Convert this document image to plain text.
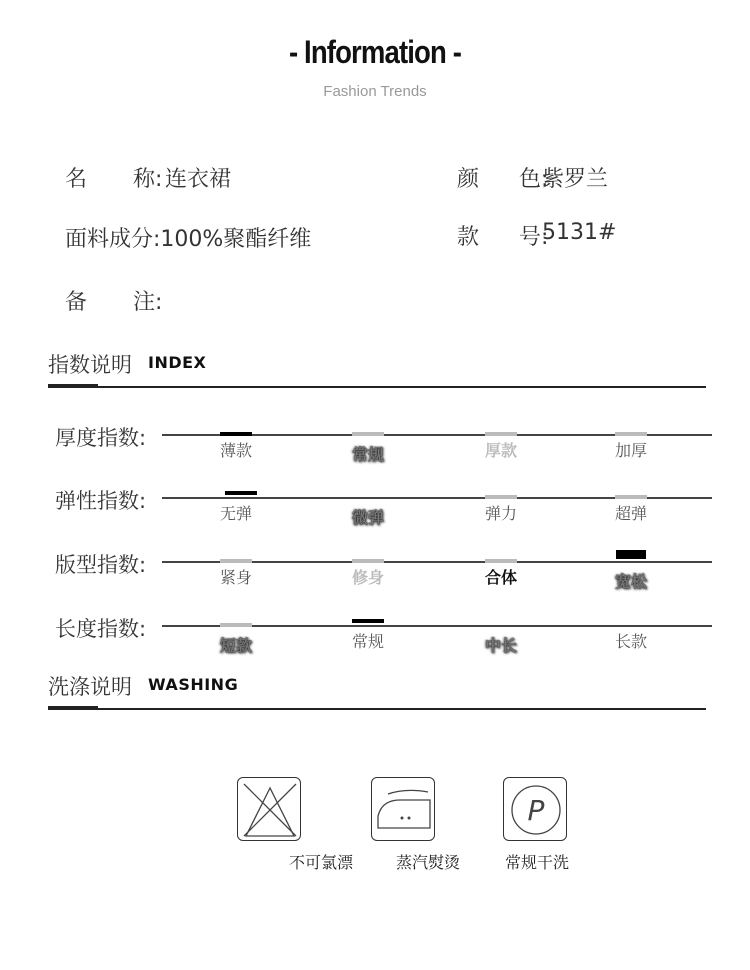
- Information -
Fashion Trends
名 称: 连衣裙	颜 色:
紫罗兰
面料成分:100%聚酯纤维	款 号:
5131#
备 注:
指数说明 INDEX
厚度指数:
薄款	常规	厚款	加厚
弹性指数:
无弹	微弹	弹力	超弹
版型指数:
紧身	修身	合体	宽松
长度指数:
短款	常规	中长	长款
洗涤说明 WASHING
不可氯漂	蒸汽熨烫
P
常规干洗
